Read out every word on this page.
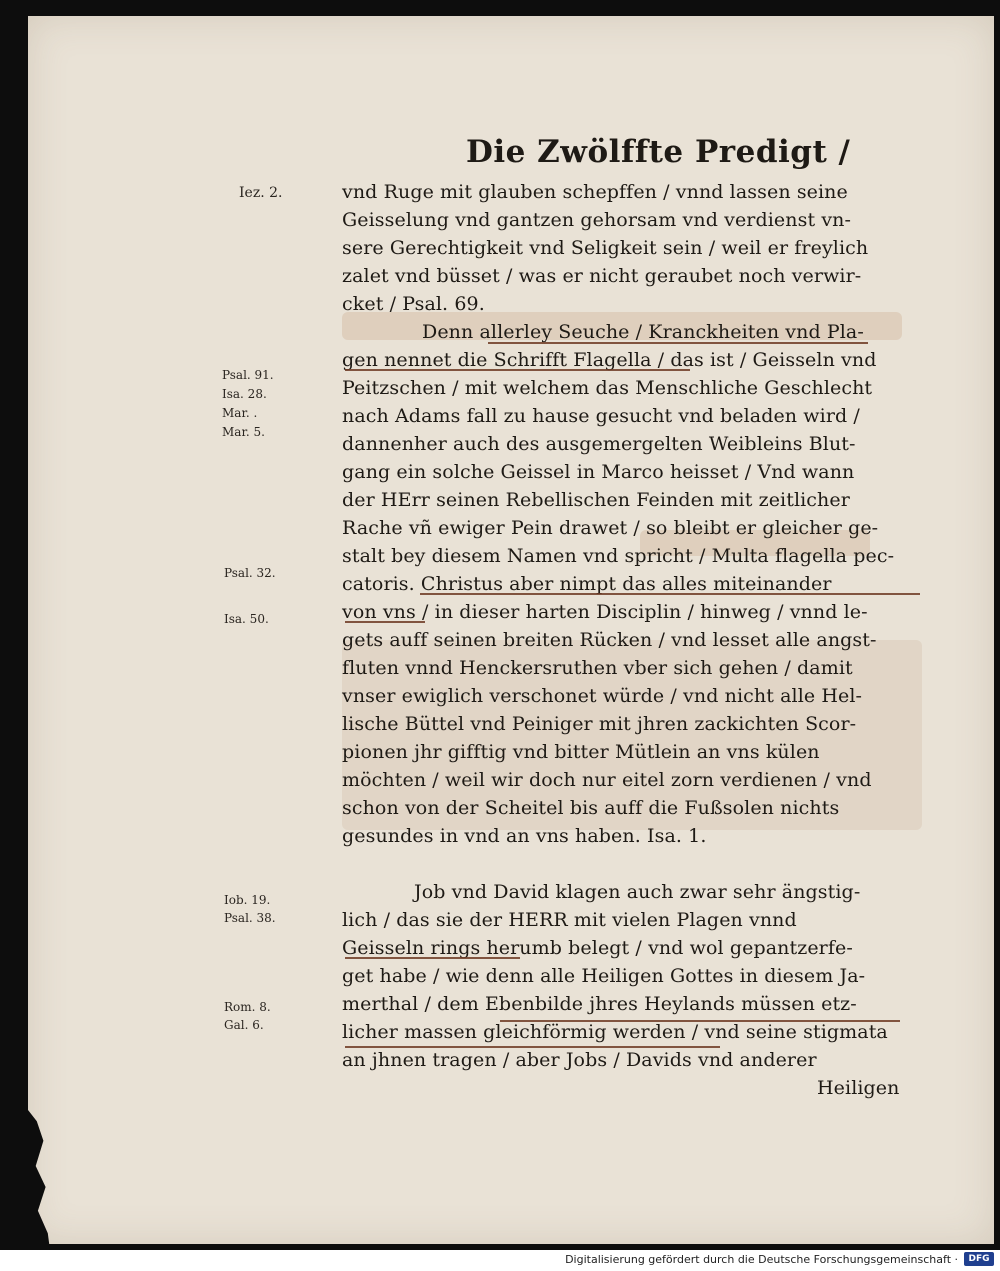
Die Zwölffte Predigt /
Iez. 2.
Psal. 91.
Isa. 28.
Mar. .
Mar. 5.
Psal. 32.
Isa. 50.
Iob. 19.
Psal. 38.
Rom. 8.
Gal. 6.
vnd Ruge mit glauben schepffen / vnnd lassen seine
Geisselung vnd gantzen gehorsam vnd verdienst vn-
sere Gerechtigkeit vnd Seligkeit sein / weil er freylich
zalet vnd büsset / was er nicht geraubet noch verwir-
cket / Psal. 69.
Denn allerley Seuche / Kranckheiten vnd Pla-
gen nennet die Schrifft Flagella / das ist / Geisseln vnd
Peitzschen / mit welchem das Menschliche Geschlecht
nach Adams fall zu hause gesucht vnd beladen wird /
dannenher auch des ausgemergelten Weibleins Blut-
gang ein solche Geissel in Marco heisset / Vnd wann
der HErr seinen Rebellischen Feinden mit zeitlicher
Rache vñ ewiger Pein drawet / so bleibt er gleicher ge-
stalt bey diesem Namen vnd spricht / Multa flagella pec-
catoris. Christus aber nimpt das alles miteinander
von vns / in dieser harten Disciplin / hinweg / vnnd le-
gets auff seinen breiten Rücken / vnd lesset alle angst-
fluten vnnd Henckersruthen vber sich gehen / damit
vnser ewiglich verschonet würde / vnd nicht alle Hel-
lische Büttel vnd Peiniger mit jhren zackichten Scor-
pionen jhr gifftig vnd bitter Mütlein an vns külen
möchten / weil wir doch nur eitel zorn verdienen / vnd
schon von der Scheitel bis auff die Fußsolen nichts
gesundes in vnd an vns haben. Isa. 1.
Job vnd David klagen auch zwar sehr ängstig-
lich / das sie der HERR mit vielen Plagen vnnd
Geisseln rings herumb belegt / vnd wol gepantzerfe-
get habe / wie denn alle Heiligen Gottes in diesem Ja-
merthal / dem Ebenbilde jhres Heylands müssen etz-
licher massen gleichförmig werden / vnd seine stigmata
an jhnen tragen / aber Jobs / Davids vnd anderer
Heiligen
Digitalisierung gefördert durch die Deutsche Forschungsgemeinschaft ·	DFG
